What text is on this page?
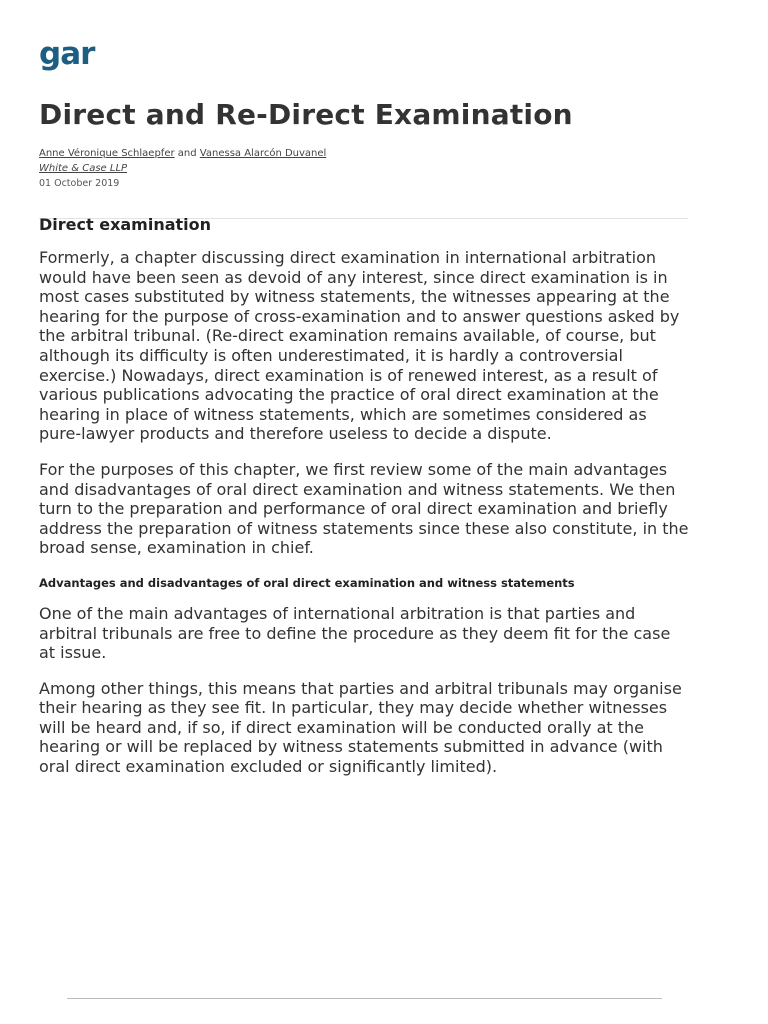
gar
Direct and Re-Direct Examination
Anne Véronique Schlaepfer and Vanessa Alarcón Duvanel
White & Case LLP
01 October 2019
Direct examination

Formerly, a chapter discussing direct examination in international arbitration would have been seen as devoid of any interest, since direct examination is in most cases substituted by witness statements, the witnesses appearing at the hearing for the purpose of cross-examination and to answer questions asked by the arbitral tribunal. (Re-direct examination remains available, of course, but although its difficulty is often underestimated, it is hardly a controversial exercise.) Nowadays, direct examination is of renewed interest, as a result of various publications advocating the practice of oral direct examination at the hearing in place of witness statements, which are sometimes considered as pure-lawyer products and therefore useless to decide a dispute.

For the purposes of this chapter, we first review some of the main advantages and disadvantages of oral direct examination and witness statements. We then turn to the preparation and performance of oral direct examination and briefly address the preparation of witness statements since these also constitute, in the broad sense, examination in chief.

Advantages and disadvantages of oral direct examination and witness statements

One of the main advantages of international arbitration is that parties and arbitral tribunals are free to define the procedure as they deem fit for the case at issue.

Among other things, this means that parties and arbitral tribunals may organise their hearing as they see fit. In particular, they may decide whether witnesses will be heard and, if so, if direct examination will be conducted orally at the hearing or will be replaced by witness statements submitted in advance (with oral direct examination excluded or significantly limited).
